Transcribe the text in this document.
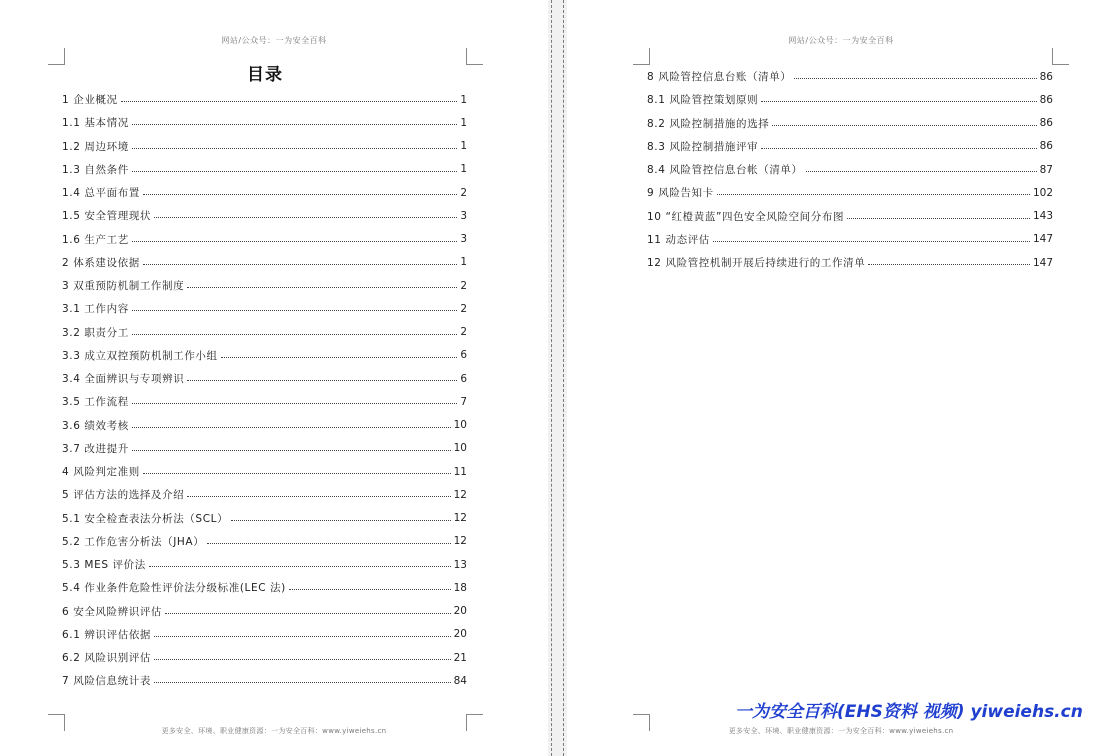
网站/公众号：一为安全百科
目录
1 企业概况	1
1.1 基本情况	1
1.2 周边环境	1
1.3 自然条件	1
1.4 总平面布置	2
1.5 安全管理现状	3
1.6 生产工艺	3
2 体系建设依据	1
3 双重预防机制工作制度	2
3.1 工作内容	2
3.2 职责分工	2
3.3 成立双控预防机制工作小组	6
3.4 全面辨识与专项辨识	6
3.5 工作流程	7
3.6 绩效考核	10
3.7 改进提升	10
4 风险判定准则	11
5 评估方法的选择及介绍	12
5.1 安全检查表法分析法（SCL）	12
5.2 工作危害分析法（JHA）	12
5.3 MES 评价法	13
5.4 作业条件危险性评价法分级标准(LEC 法)	18
6 安全风险辨识评估	20
6.1 辨识评估依据	20
6.2 风险识别评估	21
7 风险信息统计表	84
更多安全、环境、职业健康资源：一为安全百科：www.yiweiehs.cn
网站/公众号：一为安全百科
8 风险管控信息台账（清单）	86
8.1 风险管控策划原则	86
8.2 风险控制措施的选择	86
8.3 风险控制措施评审	86
8.4 风险管控信息台帐（清单）	87
9 风险告知卡	102
10 “红橙黄蓝”四色安全风险空间分布图	143
11 动态评估	147
12 风险管控机制开展后持续进行的工作清单	147
更多安全、环境、职业健康资源：一为安全百科：www.yiweiehs.cn
一为安全百科(EHS资料 视频) yiweiehs.cn
